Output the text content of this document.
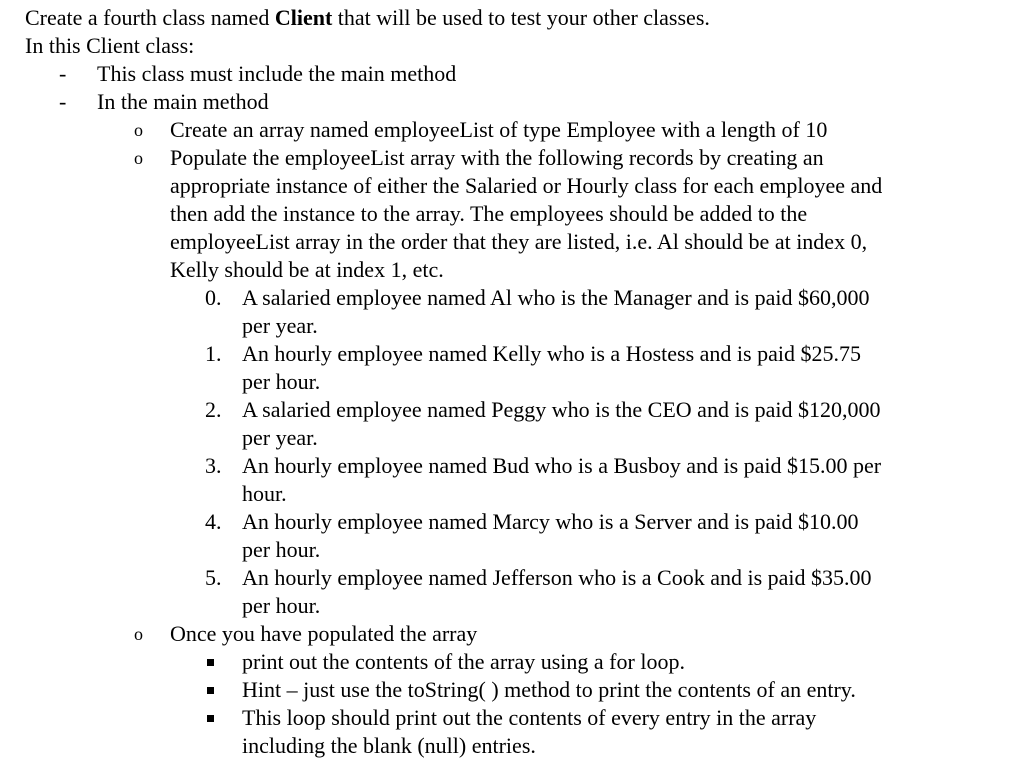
Create a fourth class named Client that will be used to test your other classes.
In this Client class:
- This class must include the main method
- In the main method
o Create an array named employeeList of type Employee with a length of 10
o Populate the employeeList array with the following records by creating an appropriate instance of either the Salaried or Hourly class for each employee and then add the instance to the array. The employees should be added to the employeeList array in the order that they are listed, i.e. Al should be at index 0, Kelly should be at index 1, etc.
0. A salaried employee named Al who is the Manager and is paid $60,000 per year.
1. An hourly employee named Kelly who is a Hostess and is paid $25.75 per hour.
2. A salaried employee named Peggy who is the CEO and is paid $120,000 per year.
3. An hourly employee named Bud who is a Busboy and is paid $15.00 per hour.
4. An hourly employee named Marcy who is a Server and is paid $10.00 per hour.
5. An hourly employee named Jefferson who is a Cook and is paid $35.00 per hour.
o Once you have populated the array
print out the contents of the array using a for loop.
Hint – just use the toString( ) method to print the contents of an entry.
This loop should print out the contents of every entry in the array including the blank (null) entries.
